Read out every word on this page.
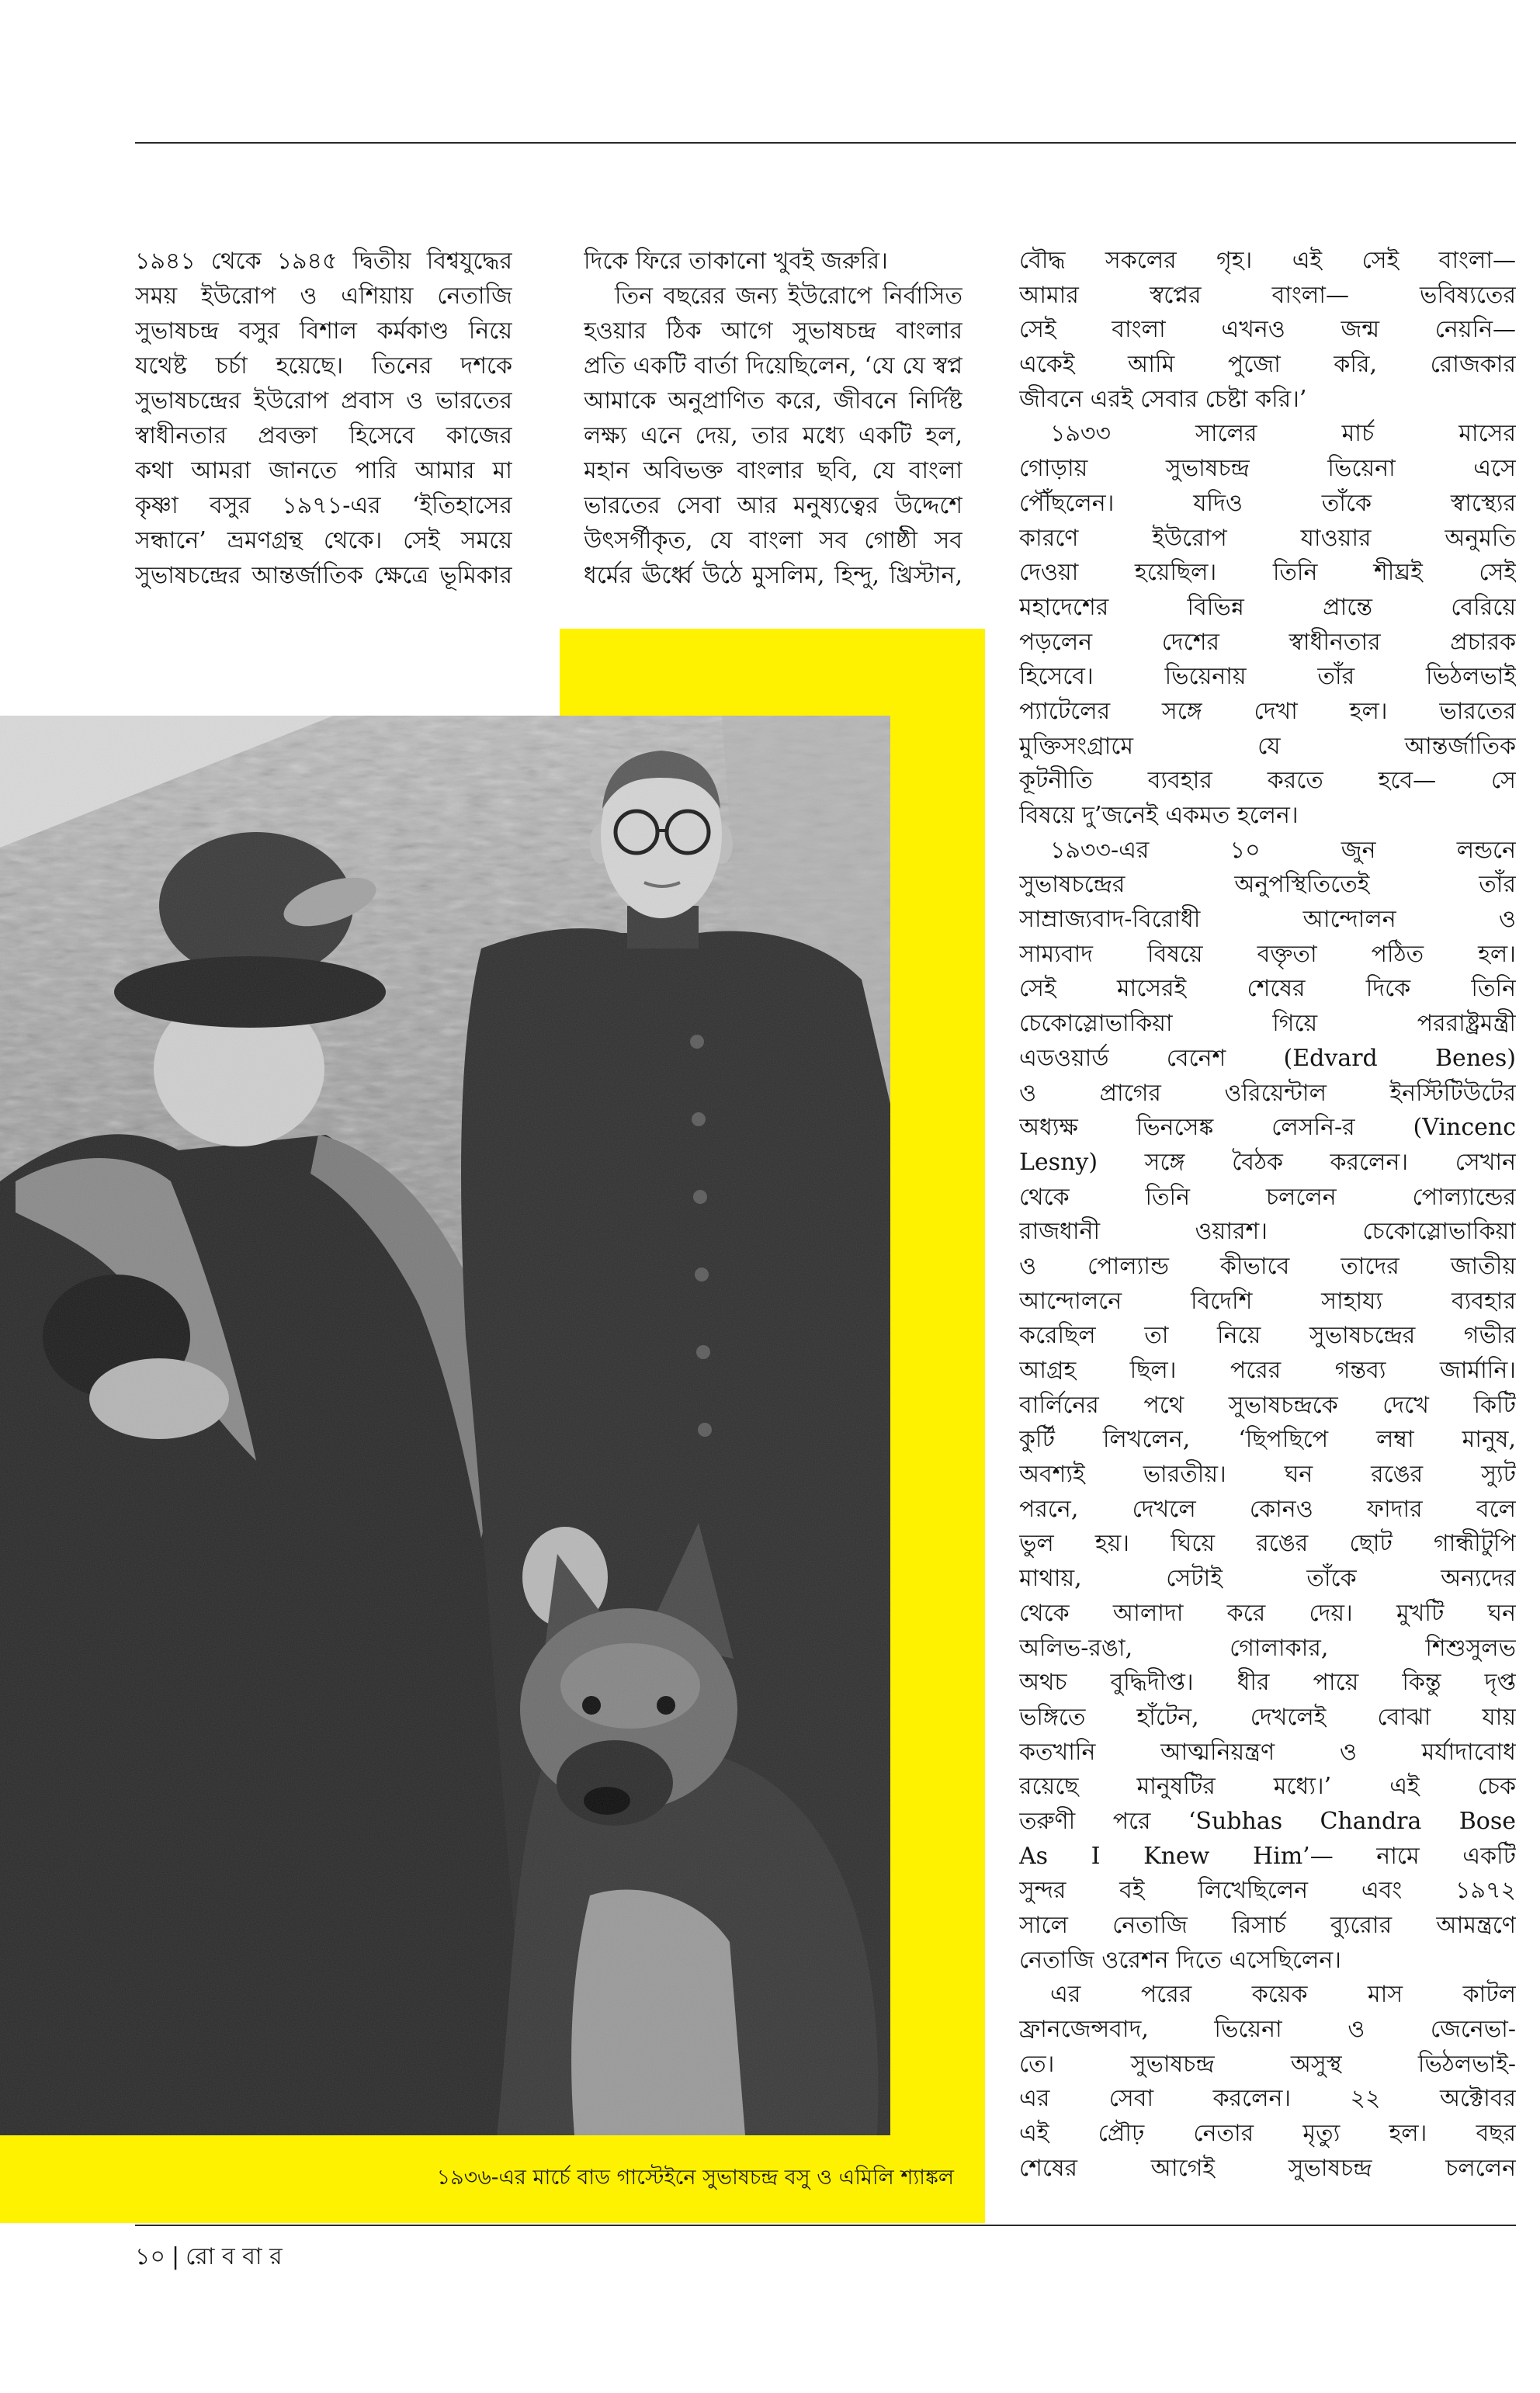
১৯৪১ থেকে ১৯৪৫ দ্বিতীয় বিশ্বযুদ্ধের
সময় ইউরোপ ও এশিয়ায় নেতাজি
সুভাষচন্দ্র বসুর বিশাল কর্মকাণ্ড নিয়ে
যথেষ্ট চর্চা হয়েছে। তিনের দশকে
সুভাষচন্দ্রের ইউরোপ প্রবাস ও ভারতের
স্বাধীনতার প্রবক্তা হিসেবে কাজের
কথা আমরা জানতে পারি আমার মা
কৃষ্ণা বসুর ১৯৭১-এর ‘ইতিহাসের
সন্ধানে’ ভ্রমণগ্রন্থ থেকে। সেই সময়ে
সুভাষচন্দ্রের আন্তর্জাতিক ক্ষেত্রে ভূমিকার
দিকে ফিরে তাকানো খুবই জরুরি।
তিন বছরের জন্য ইউরোপে নির্বাসিত
হওয়ার ঠিক আগে সুভাষচন্দ্র বাংলার
প্রতি একটি বার্তা দিয়েছিলেন, ‘যে যে স্বপ্ন
আমাকে অনুপ্রাণিত করে, জীবনে নির্দিষ্ট
লক্ষ্য এনে দেয়, তার মধ্যে একটি হল,
মহান অবিভক্ত বাংলার ছবি, যে বাংলা
ভারতের সেবা আর মনুষ্যত্বের উদ্দেশে
উৎসর্গীকৃত, যে বাংলা সব গোষ্ঠী সব
ধর্মের ঊর্ধ্বে উঠে মুসলিম, হিন্দু, খ্রিস্টান,
বৌদ্ধ সকলের গৃহ। এই সেই বাংলা—
আমার স্বপ্নের বাংলা— ভবিষ্যতের
সেই বাংলা এখনও জন্ম নেয়নি—
একেই আমি পুজো করি, রোজকার
জীবনে এরই সেবার চেষ্টা করি।’
১৯৩৩ সালের মার্চ মাসের
গোড়ায় সুভাষচন্দ্র ভিয়েনা এসে
পৌঁছলেন। যদিও তাঁকে স্বাস্থ্যের
কারণে ইউরোপ যাওয়ার অনুমতি
দেওয়া হয়েছিল। তিনি শীঘ্রই সেই
মহাদেশের বিভিন্ন প্রান্তে বেরিয়ে
পড়লেন দেশের স্বাধীনতার প্রচারক
হিসেবে। ভিয়েনায় তাঁর ভিঠলভাই
প্যাটেলের সঙ্গে দেখা হল। ভারতের
মুক্তিসংগ্রামে যে আন্তর্জাতিক
কূটনীতি ব্যবহার করতে হবে— সে
বিষয়ে দু’জনেই একমত হলেন।
১৯৩৩-এর ১০ জুন লন্ডনে
সুভাষচন্দ্রের অনুপস্থিতিতেই তাঁর
সাম্রাজ্যবাদ-বিরোধী আন্দোলন ও
সাম্যবাদ বিষয়ে বক্তৃতা পঠিত হল।
সেই মাসেরই শেষের দিকে তিনি
চেকোস্লোভাকিয়া গিয়ে পররাষ্ট্রমন্ত্রী
এডওয়ার্ড বেনেশ (Edvard Benes)
ও প্রাগের ওরিয়েন্টাল ইনস্টিটিউটের
অধ্যক্ষ ভিনসেঙ্ক লেসনি-র (Vincenc
Lesny) সঙ্গে বৈঠক করলেন। সেখান
থেকে তিনি চললেন পোল্যান্ডের
রাজধানী ওয়ারশ। চেকোস্লোভাকিয়া
ও পোল্যান্ড কীভাবে তাদের জাতীয়
আন্দোলনে বিদেশি সাহায্য ব্যবহার
করেছিল তা নিয়ে সুভাষচন্দ্রের গভীর
আগ্রহ ছিল। পরের গন্তব্য জার্মানি।
বার্লিনের পথে সুভাষচন্দ্রকে দেখে কিটি
কুর্টি লিখলেন, ‘ছিপছিপে লম্বা মানুষ,
অবশ্যই ভারতীয়। ঘন রঙের স্যুট
পরনে, দেখলে কোনও ফাদার বলে
ভুল হয়। ঘিয়ে রঙের ছোট গান্ধীটুপি
মাথায়, সেটাই তাঁকে অন্যদের
থেকে আলাদা করে দেয়। মুখটি ঘন
অলিভ-রঙা, গোলাকার, শিশুসুলভ
অথচ বুদ্ধিদীপ্ত। ধীর পায়ে কিন্তু দৃপ্ত
ভঙ্গিতে হাঁটেন, দেখলেই বোঝা যায়
কতখানি আত্মনিয়ন্ত্রণ ও মর্যাদাবোধ
রয়েছে মানুষটির মধ্যে।’ এই চেক
তরুণী পরে ‘Subhas Chandra Bose
As I Knew Him’— নামে একটি
সুন্দর বই লিখেছিলেন এবং ১৯৭২
সালে নেতাজি রিসার্চ ব্যুরোর আমন্ত্রণে
নেতাজি ওরেশন দিতে এসেছিলেন।
এর পরের কয়েক মাস কাটল
ফ্রানজেন্সবাদ, ভিয়েনা ও জেনেভা-
তে। সুভাষচন্দ্র অসুস্থ ভিঠলভাই-
এর সেবা করলেন। ২২ অক্টোবর
এই প্রৌঢ় নেতার মৃত্যু হল। বছর
শেষের আগেই সুভাষচন্দ্র চললেন
১৯৩৬-এর মার্চে বাড গাস্টেইনে সুভাষচন্দ্র বসু ও এমিলি শ্যাঙ্কল
১০ | রো ব বা র
